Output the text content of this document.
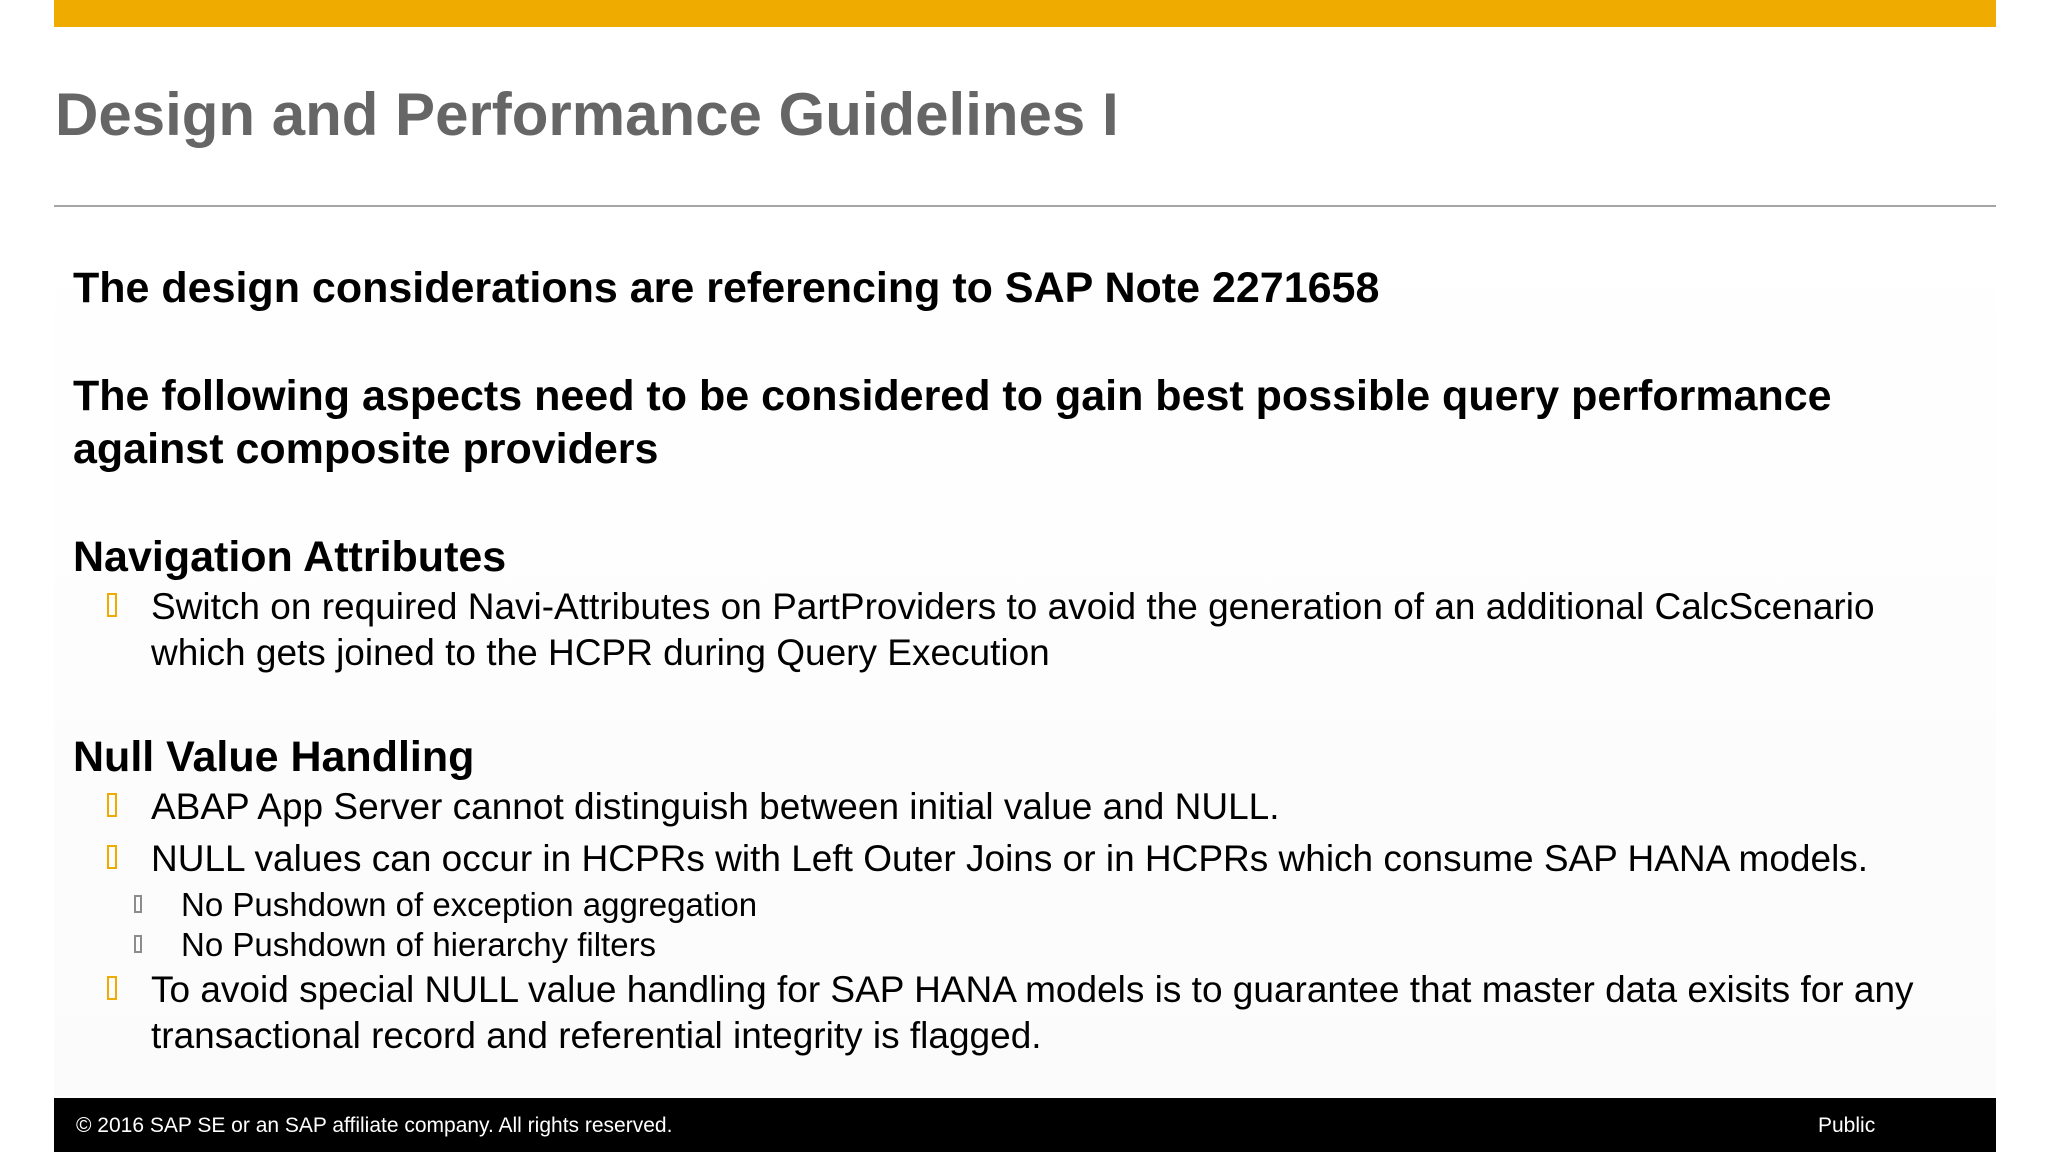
Design and Performance Guidelines I
The design considerations are referencing to SAP Note 2271658
The following aspects need to be considered to gain best possible query performance
against composite providers
Navigation Attributes
Switch on required Navi-Attributes on PartProviders to avoid the generation of an additional CalcScenario
which gets joined to the HCPR during Query Execution
Null Value Handling
ABAP App Server cannot distinguish between initial value and NULL.
NULL values can occur in HCPRs with Left Outer Joins or in HCPRs which consume SAP HANA models.
No Pushdown of exception aggregation
No Pushdown of hierarchy filters
To avoid special NULL value handling for SAP HANA models is to guarantee that master data exisits for any
transactional record and referential integrity is flagged.
© 2016 SAP SE or an SAP affiliate company. All rights reserved.	Public
